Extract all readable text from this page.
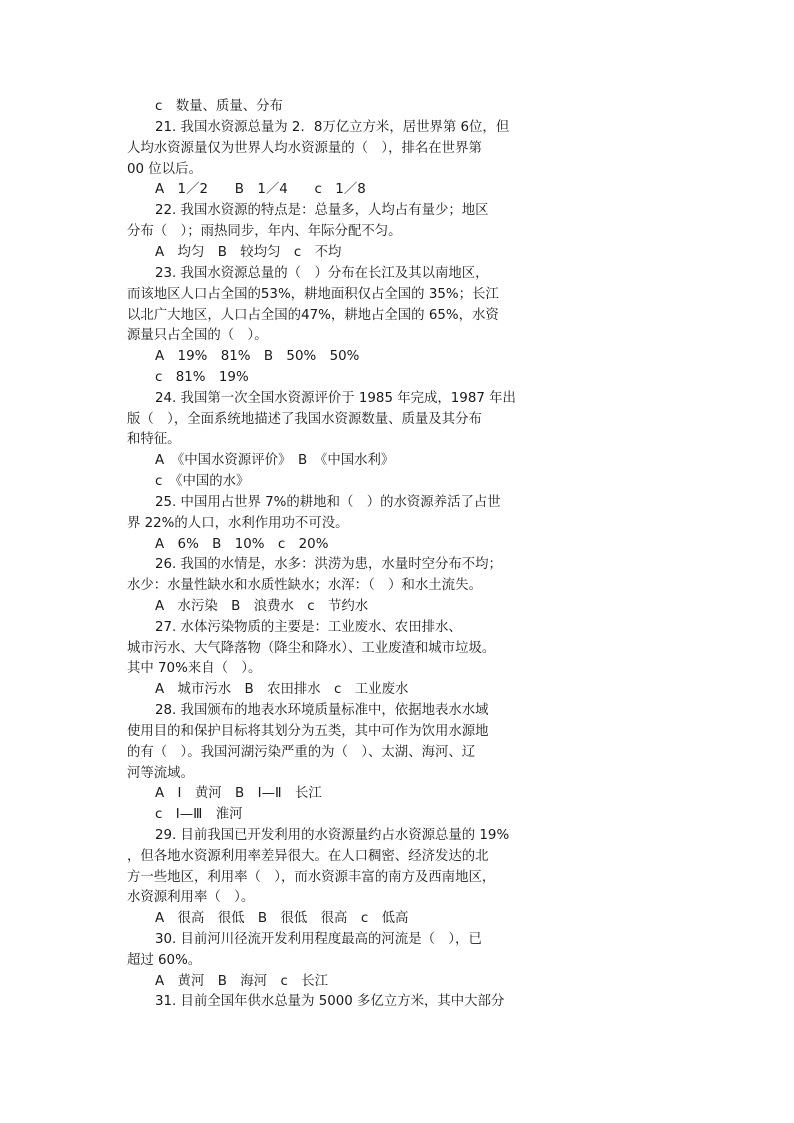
c　数量、质量、分布
21. 我国水资源总量为 2．8万亿立方米，居世界第 6位，但
人均水资源量仅为世界人均水资源量的（　），排名在世界第
00 位以后。
A　1／2　　B　1／4　　c　1／8
22. 我国水资源的特点是：总量多，人均占有量少；地区
分布（　）；雨热同步，年内、年际分配不匀。
A　均匀　B　较均匀　c　不均
23. 我国水资源总量的（　）分布在长江及其以南地区，
而该地区人口占全国的53%，耕地面积仅占全国的 35%；长江
以北广大地区，人口占全国的47%，耕地占全国的 65%，水资
源量只占全国的（　）。
A　19%　81%　B　50%　50%
c　81%　19%
24. 我国第一次全国水资源评价于 1985 年完成，1987 年出
版（　），全面系统地描述了我国水资源数量、质量及其分布
和特征。
A　《中国水资源评价》　B　《中国水利》
c　《中国的水》
25. 中国用占世界 7%的耕地和（　）的水资源养活了占世
界 22%的人口，水利作用功不可没。
A　6%　B　10%　c　20%
26. 我国的水情是，水多：洪涝为患，水量时空分布不均；
水少：水量性缺水和水质性缺水；水浑：（　）和水土流失。
A　水污染　B　浪费水　c　节约水
27. 水体污染物质的主要是：工业废水、农田排水、
城市污水、大气降落物（降尘和降水）、工业废渣和城市垃圾。
其中 70%来自（　）。
A　城市污水　B　农田排水　c　工业废水
28. 我国颁布的地表水环境质量标准中，依据地表水水域
使用目的和保护目标将其划分为五类，其中可作为饮用水源地
的有（　）。我国河湖污染严重的为（　）、太湖、海河、辽
河等流域。
A　Ⅰ　黄河　B　Ⅰ—Ⅱ　长江
c　Ⅰ—Ⅲ　淮河
29. 目前我国已开发利用的水资源量约占水资源总量的 19%
，但各地水资源利用率差异很大。在人口稠密、经济发达的北
方一些地区，利用率（　），而水资源丰富的南方及西南地区，
水资源利用率（　）。
A　很高　很低　B　很低　很高　c　低高
30. 目前河川径流开发利用程度最高的河流是（　），已
超过 60%。
A　黄河　B　海河　c　长江
31. 目前全国年供水总量为 5000 多亿立方米，其中大部分
